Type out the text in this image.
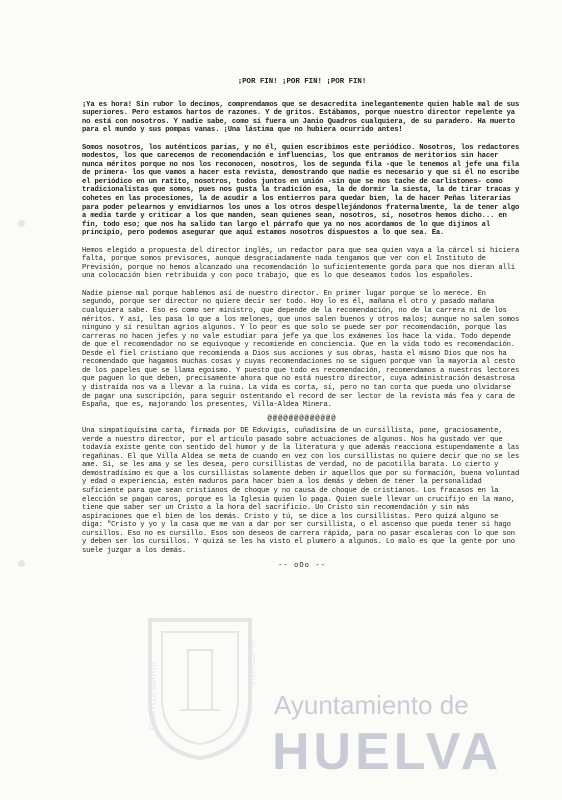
¡POR FIN! ¡POR FIN! ¡POR FIN!

¡Ya es hora! Sin rubor lo decimos, comprendamos que se desacredita inelegantemente quien hable mal de sus superiores. Pero estamos hartos de razones. Y de gritos. Estábamos, porque nuestro director repelente ya no está con nosotros. Y nadie sabe, como si fuera un Janio Quadros cualquiera, de su paradero. Ha muerto para el mundo y sus pompas vanas. ¡Una lástima que no hubiera ocurrido antes!

Somos nosotros, los auténticos parias, y no él, quien escribimos este periódico. Nosotros, los redactores modestos, los que carecemos de recomendación e influencias, los que entramos de meritorios sin hacer nunca méritos porque no nos los reconocen, nosotros, los de segunda fila -que le tenemos al jefe una fila de primera- los que vamos a hacer esta revista, demostrando que nadie es necesario y que si él no escribe el periódico en un ratito, nosotros, todos juntos en unión -sin que se nos tache de carlistones- como tradicionalistas que somos, pues nos gusta la tradición esa, la de dormir la siesta, la de tirar tracas y cohetes en las procesiones, la de acudir a los entierros para quedar bien, la de hacer Peñas literarias para poder pelearnos y envidiarnos los unos a los otros despellejándonos fraternalmente, la de tener algo a media tarde y criticar a los que manden, sean quienes sean, nosotros, sí, nosotros hemos dicho... en fin, todo eso; que nos ha salido tan largo el párrafo que ya no nos acordamos de lo que dijimos al principio, pero podemos asegurar que aquí estamos nosotros dispuestos a lo que sea. Ea.

Hemos elegido a propuesta del director inglés, un redactor para que sea quien vaya a la cárcel si hiciera falta, porque somos previsores, aunque desgraciadamente nada tengamos que ver con el Instituto de Previsión, porque no hemos alcanzado una recomendación lo suficientemente gorda para que nos dieran allí una colocación bien retribuida y con poco trabajo, que es lo que deseamos todos los españoles.

Nadie piense mal porque hablemos así de nuestro director. En primer lugar porque se lo merece. En segundo, porque ser director no quiere decir ser todo. Hoy lo es él, mañana el otro y pasado mañana cualquiera sabe. Eso es como ser ministro, que depende de la recomendación, no de la carrera ni de los méritos. Y así, les pasa lo que a los melones, que unos salen buenos y otros malos; aunque no salen somos ninguno y sí resultan agrios algunos. Y lo peor es que solo se puede ser por recomendación, porque las carreras no hacen jefes y no vale estudiar para jefe ya que los exámenes los hace la vida. Todo depende de que el recomendador no se equivoque y recomiende en conciencia. Que en la vida todo es recomendación. Desde el fiel cristiano que recomienda a Dios sus acciones y sus obras, hasta el mismo Dios que nos ha recomendado que hagamos muchas cosas y cuyas recomendaciones no se siguen porque van la mayoría al cesto de los papeles que se llama egoísmo. Y puesto que todo es recomendación, recomendamos a nuestros lectores que paguen lo que deben, precisamente ahora que no está nuestro director, cuya administración desastrosa y distraída nos va a llevar a la ruina. La vida es corta, sí, pero no tan corta que pueda uno olvidarse de pagar una suscripción, para seguir ostentando el record de ser lector de la revista más fea y cara de España, que es, majorando los presentes, Villa-Aldea Minera.

@@@@@@@@@@@@@

Una simpatiquísima carta, firmada por DE Eduvigis, cuñadísima de un cursillista, pone, graciosamente, verde a nuestro director, por el artículo pasado sobre actuaciones de algunos. Nos ha gustado ver que todavía existe gente con sentido del humor y de la literatura y que además reacciona estupendamente a las regañinas. El que Villa Aldea se meta de cuando en vez con los cursillistas no quiere decir que no se les ame. Sí, se les ama y se les desea, pero cursillistas de verdad, no de pacotilla barata. Lo cierto y demostradísimo es que a los cursillistas solamente deben ir aquellos que por su formación, buena voluntad y edad o experiencia, estén maduros para hacer bien a los demás y deben de tener la personalidad suficiente para que sean cristianos de choque y no causa de choque de cristianos. Los fracasos en la elección se pagan caros, porque es la Iglesia quien lo paga. Quien suele llevar un crucifijo en la mano, tiene que saber ser un Cristo a la hora del sacrificio. Un Cristo sin recomendación y sin más aspiraciones que el bien de los demás. Cristo y tú, se dice a los cursillistas. Pero quizá alguno se diga: "Cristo y yo y la casa que me van a dar por ser cursillista, o el ascenso que pueda tener si hago cursillos. Eso no es cursillo. Esos son deseos de carrera rápida, para no pasar escaleras con lo que son y deben ser los cursillos. Y quizá se les ha visto el plumero a algunos. Lo malo es que la gente por uno suele juzgar a los demás.

-- oOo --
PORTUS MARIS	CUSTODIA
Ayuntamiento de
HUELVA
